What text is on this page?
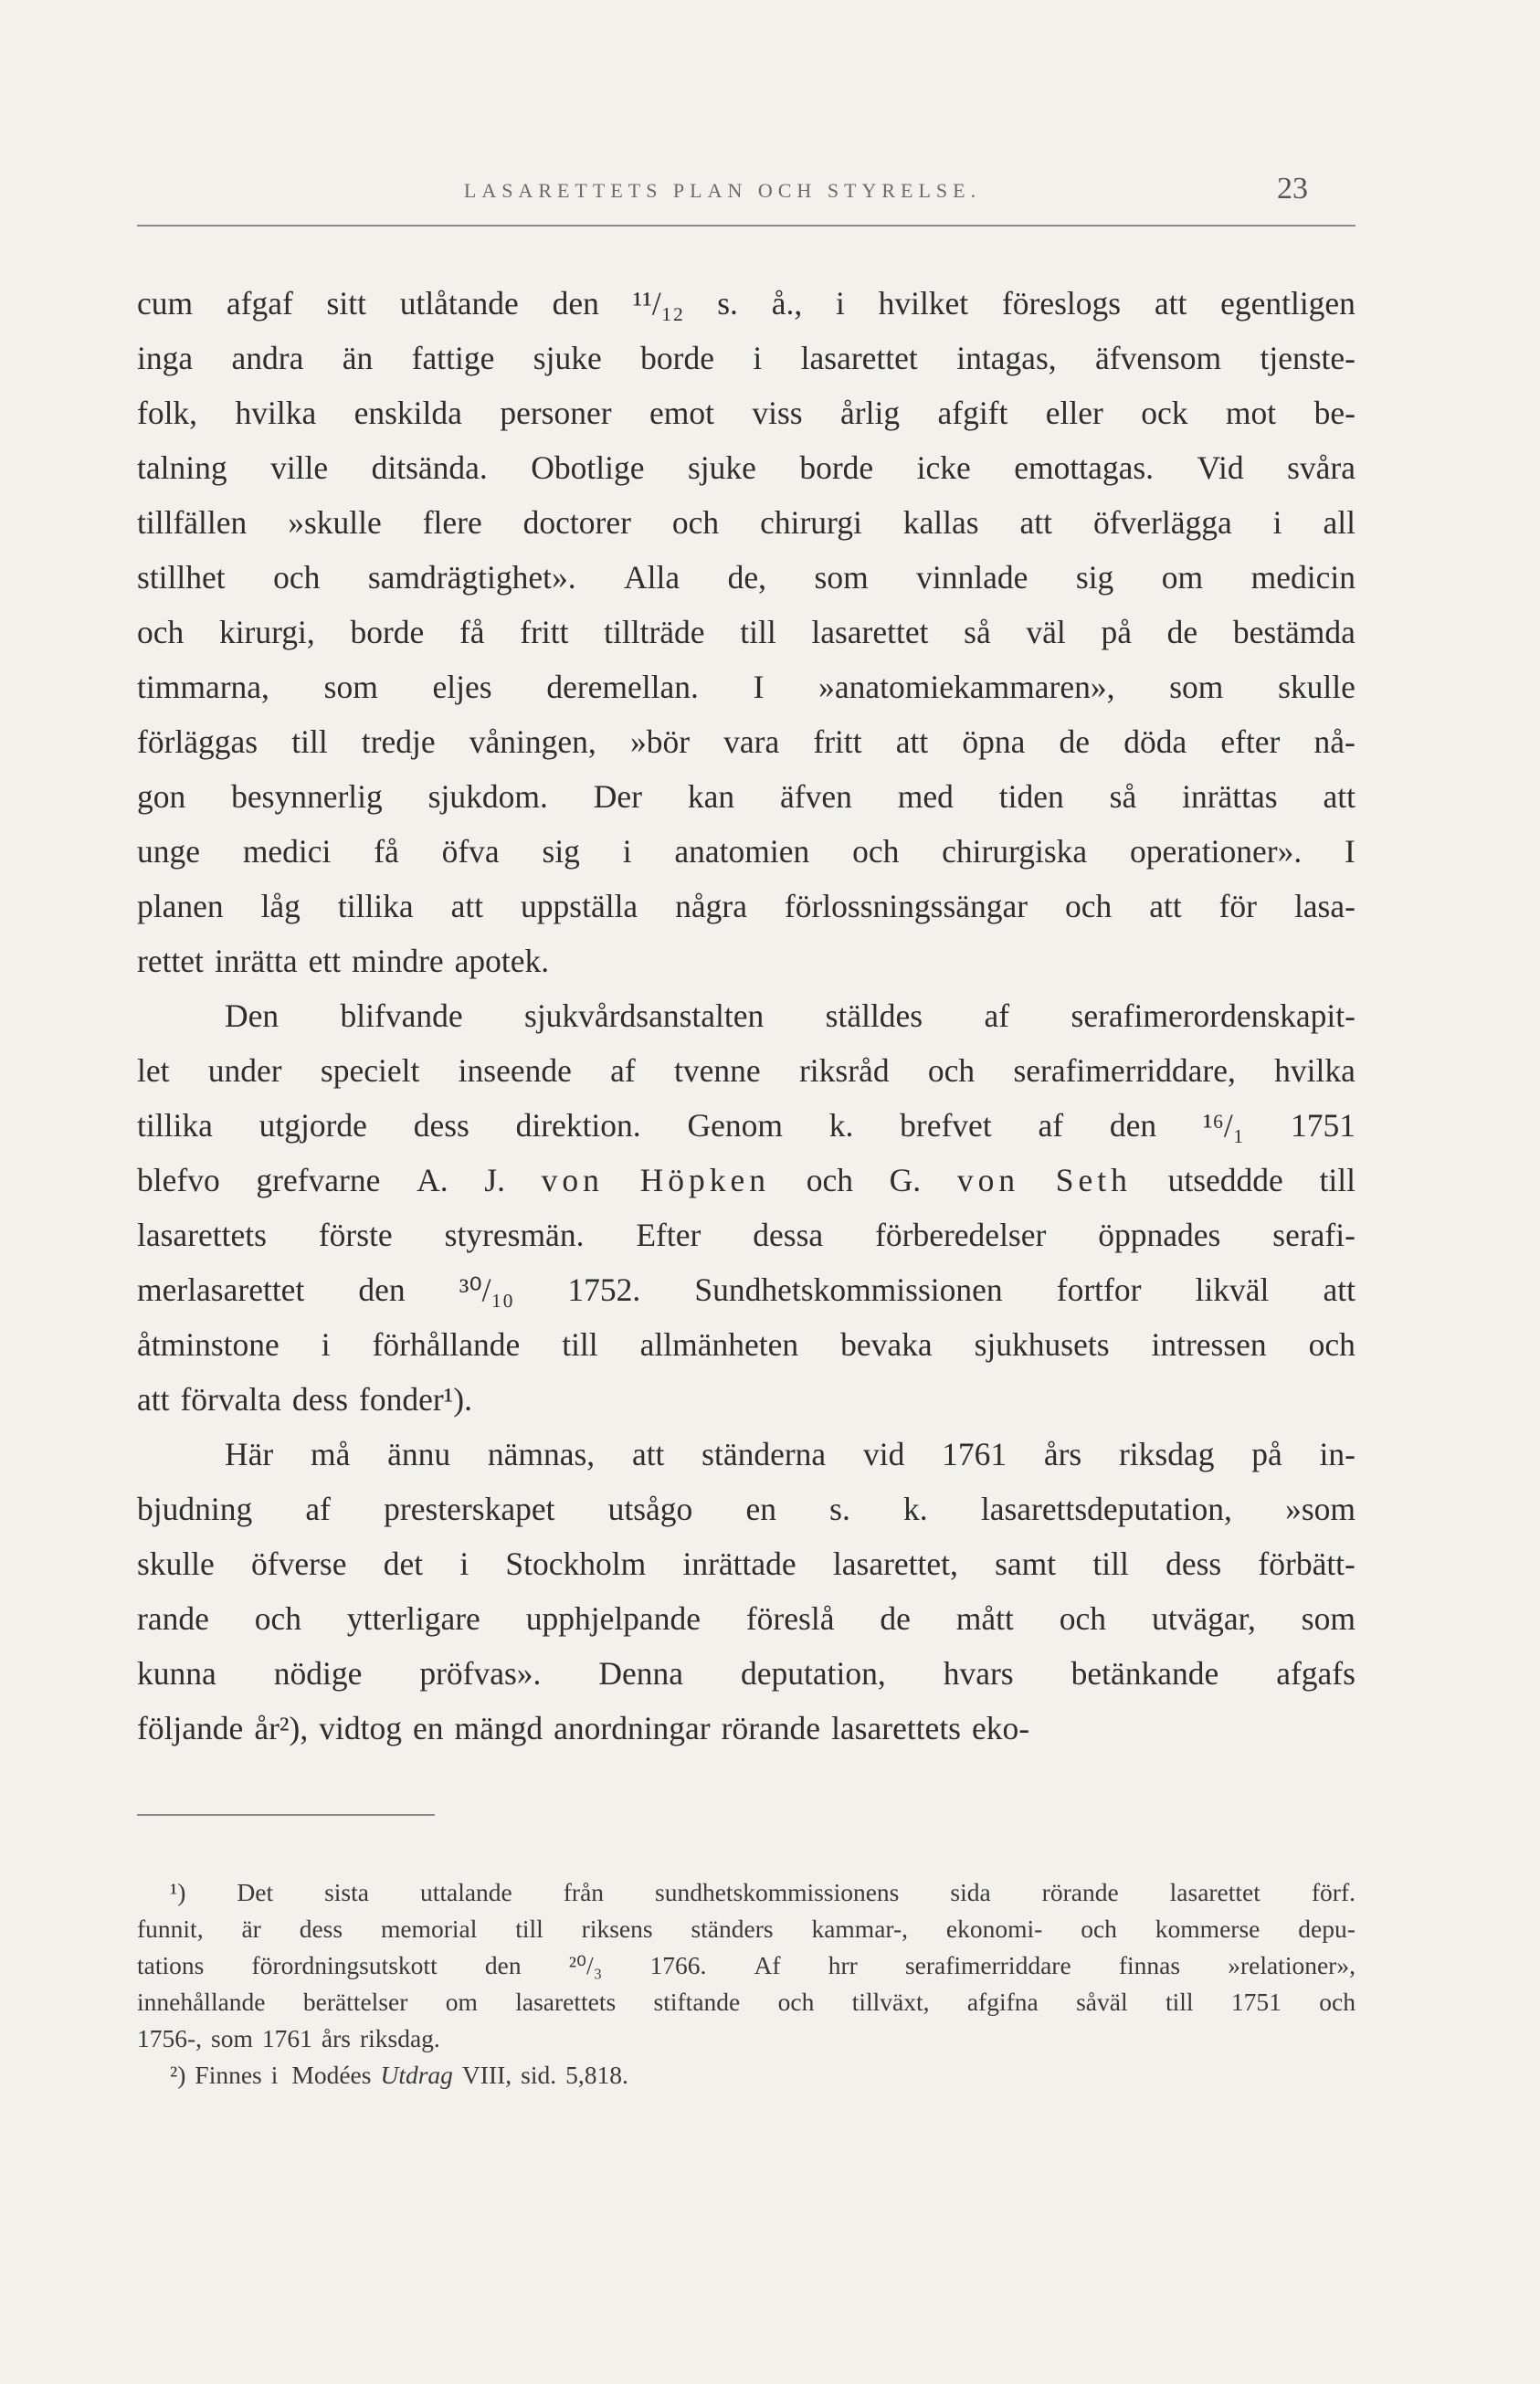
LASARETTETS PLAN OCH STYRELSE.	23
cum afgaf sitt utlåtande den ¹¹/₁₂ s. å., i hvilket föreslogs att egentligen
inga andra än fattige sjuke borde i lasarettet intagas, äfvensom tjenste-
folk, hvilka enskilda personer emot viss årlig afgift eller ock mot be-
talning ville ditsända. Obotlige sjuke borde icke emottagas. Vid svåra
tillfällen »skulle flere doctorer och chirurgi kallas att öfverlägga i all
stillhet och samdrägtighet». Alla de, som vinnlade sig om medicin
och kirurgi, borde få fritt tillträde till lasarettet så väl på de bestämda
timmarna, som eljes deremellan. I »anatomiekammaren», som skulle
förläggas till tredje våningen, »bör vara fritt att öpna de döda efter nå-
gon besynnerlig sjukdom. Der kan äfven med tiden så inrättas att
unge medici få öfva sig i anatomien och chirurgiska operationer». I
planen låg tillika att uppställa några förlossningssängar och att för lasa-
rettet inrätta ett mindre apotek.
Den blifvande sjukvårdsanstalten ställdes af serafimerordenskapit-
let under specielt inseende af tvenne riksråd och serafimerriddare, hvilka
tillika utgjorde dess direktion. Genom k. brefvet af den ¹⁶/₁ 1751
blefvo grefvarne A. J. von Höpken och G. von Seth utseddde till
lasarettets förste styresmän. Efter dessa förberedelser öppnades serafi-
merlasarettet den ³⁰/₁₀ 1752. Sundhetskommissionen fortfor likväl att
åtminstone i förhållande till allmänheten bevaka sjukhusets intressen och
att förvalta dess fonder¹).
Här må ännu nämnas, att ständerna vid 1761 års riksdag på in-
bjudning af presterskapet utsågo en s. k. lasarettsdeputation, »som
skulle öfverse det i Stockholm inrättade lasarettet, samt till dess förbätt-
rande och ytterligare upphjelpande föreslå de mått och utvägar, som
kunna nödige pröfvas». Denna deputation, hvars betänkande afgafs
följande år²), vidtog en mängd anordningar rörande lasarettets eko-
¹) Det sista uttalande från sundhetskommissionens sida rörande lasarettet förf.
funnit, är dess memorial till riksens ständers kammar-, ekonomi- och kommerse depu-
tations förordningsutskott den ²⁰/₃ 1766. Af hrr serafimerriddare finnas »relationer»,
innehållande berättelser om lasarettets stiftande och tillväxt, afgifna såväl till 1751 och
1756-, som 1761 års riksdag.
²) Finnes i Modées Utdrag VIII, sid. 5,818.
